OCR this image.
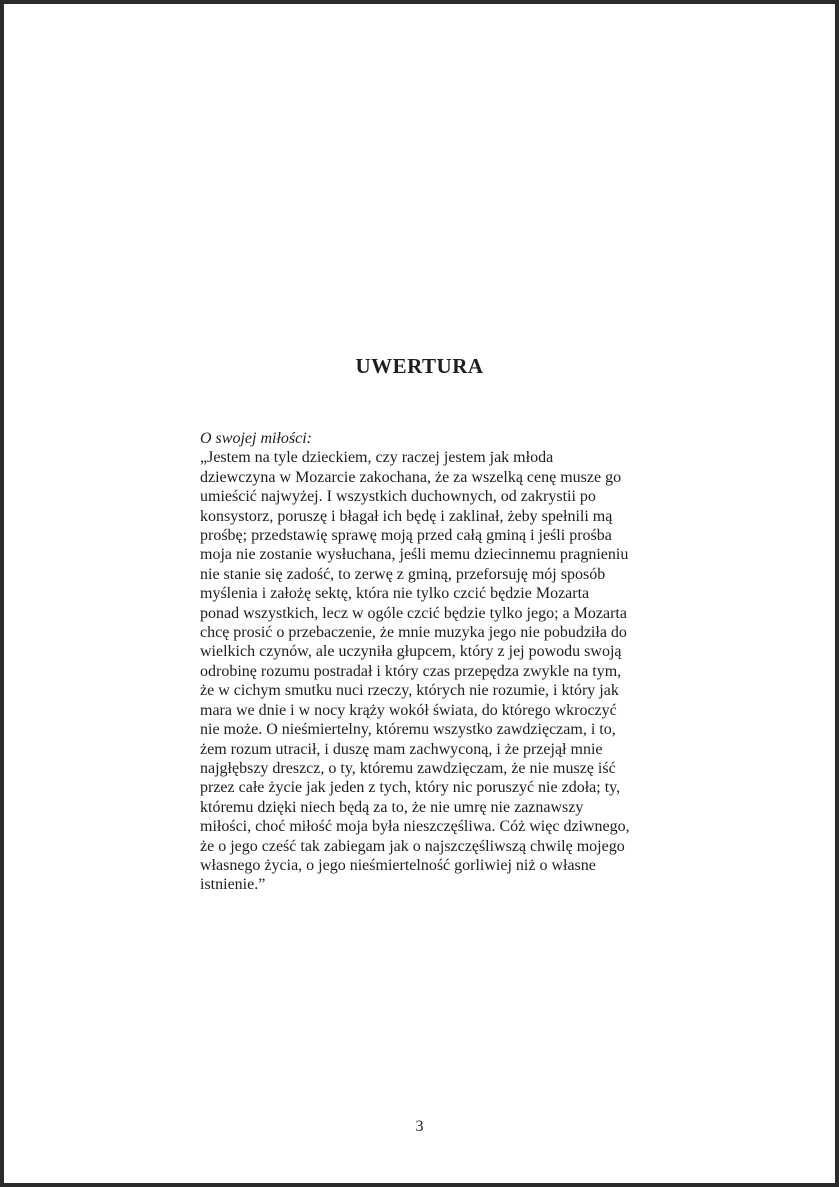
UWERTURA
O swojej miłości:
„Jestem na tyle dzieckiem, czy raczej jestem jak młoda
dziewczyna w Mozarcie zakochana, że za wszelką cenę musze go
umieścić najwyżej. I wszystkich duchownych, od zakrystii po
konsystorz, poruszę i błagał ich będę i zaklinał, żeby spełnili mą
prośbę; przedstawię sprawę moją przed całą gminą i jeśli prośba
moja nie zostanie wysłuchana, jeśli memu dziecinnemu pragnieniu
nie stanie się zadość, to zerwę z gminą, przeforsuję mój sposób
myślenia i założę sektę, która nie tylko czcić będzie Mozarta
ponad wszystkich, lecz w ogóle czcić będzie tylko jego; a Mozarta
chcę prosić o przebaczenie, że mnie muzyka jego nie pobudziła do
wielkich czynów, ale uczyniła głupcem, który z jej powodu swoją
odrobinę rozumu postradał i który czas przepędza zwykle na tym,
że w cichym smutku nuci rzeczy, których nie rozumie, i który jak
mara we dnie i w nocy krąży wokół świata, do którego wkroczyć
nie może. O nieśmiertelny, któremu wszystko zawdzięczam, i to,
żem rozum utracił, i duszę mam zachwyconą, i że przejął mnie
najgłębszy dreszcz, o ty, któremu zawdzięczam, że nie muszę iść
przez całe życie jak jeden z tych, który nic poruszyć nie zdoła; ty,
któremu dzięki niech będą za to, że nie umrę nie zaznawszy
miłości, choć miłość moja była nieszczęśliwa. Cóż więc dziwnego,
że o jego cześć tak zabiegam jak o najszczęśliwszą chwilę mojego
własnego życia, o jego nieśmiertelność gorliwiej niż o własne
istnienie.”
3
